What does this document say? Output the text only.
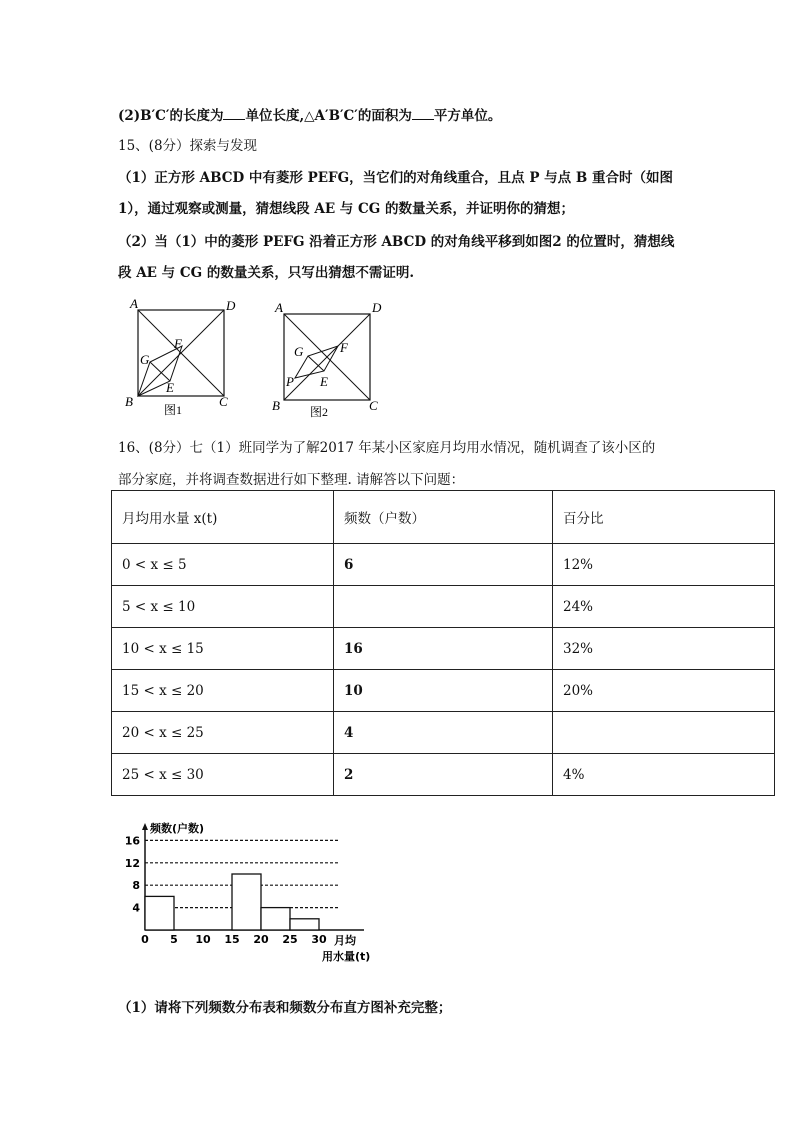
(2)B′C′的长度为 单位长度,△A′B′C′的面积为 平方单位。
15、(8分）探索与发现
（1）正方形 ABCD 中有菱形 PEFG，当它们的对角线重合，且点 P 与点 B 重合时（如图
1），通过观察或测量，猜想线段 AE 与 CG 的数量关系，并证明你的猜想；
（2）当（1）中的菱形 PEFG 沿着正方形 ABCD 的对角线平移到如图2 的位置时，猜想线
段 AE 与 CG 的数量关系，只写出猜想不需证明.
A	D
B	C
G
F
E
图1
A	D
B	C
P
G	F
E
图2
16、(8分）七（1）班同学为了解2017 年某小区家庭月均用水情况，随机调查了该小区的
部分家庭，并将调查数据进行如下整理. 请解答以下问题：
月均用水量 x(t)	频数（户数）	百分比
0 < x ≤ 5	6	12%
5 < x ≤ 10		24%
10 < x ≤ 15	16	32%
15 < x ≤ 20	10	20%
20 < x ≤ 25	4	
25 < x ≤ 30	2	4%
频数(户数)
月均
用水量(t)
4
8
12
16
0 5 10 15 20 25 30
（1）请将下列频数分布表和频数分布直方图补充完整；
